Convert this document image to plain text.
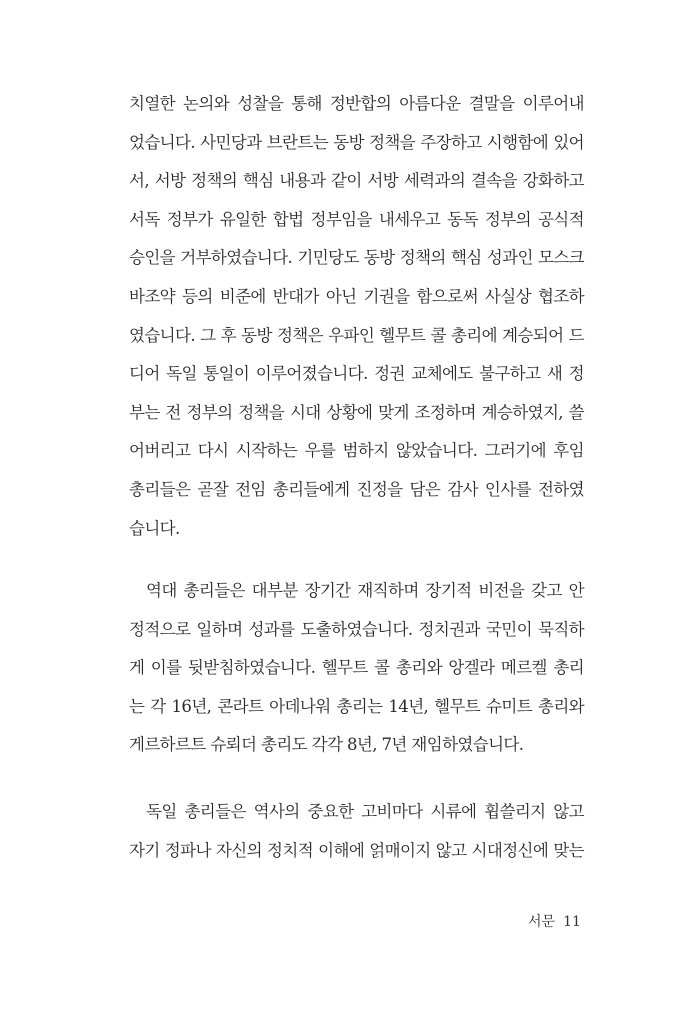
치열한 논의와 성찰을 통해 정반합의 아름다운 결말을 이루어내
었습니다. 사민당과 브란트는 동방 정책을 주장하고 시행함에 있어
서, 서방 정책의 핵심 내용과 같이 서방 세력과의 결속을 강화하고
서독 정부가 유일한 합법 정부임을 내세우고 동독 정부의 공식적
승인을 거부하였습니다. 기민당도 동방 정책의 핵심 성과인 모스크
바조약 등의 비준에 반대가 아닌 기권을 함으로써 사실상 협조하
였습니다. 그 후 동방 정책은 우파인 헬무트 콜 총리에 계승되어 드
디어 독일 통일이 이루어졌습니다. 정권 교체에도 불구하고 새 정
부는 전 정부의 정책을 시대 상황에 맞게 조정하며 계승하였지, 쓸
어버리고 다시 시작하는 우를 범하지 않았습니다. 그러기에 후임
총리들은 곧잘 전임 총리들에게 진정을 담은 감사 인사를 전하였
습니다.
역대 총리들은 대부분 장기간 재직하며 장기적 비전을 갖고 안
정적으로 일하며 성과를 도출하였습니다. 정치권과 국민이 묵직하
게 이를 뒷받침하였습니다. 헬무트 콜 총리와 앙겔라 메르켈 총리
는 각 16년, 콘라트 아데나워 총리는 14년, 헬무트 슈미트 총리와
게르하르트 슈뢰더 총리도 각각 8년, 7년 재임하였습니다.
독일 총리들은 역사의 중요한 고비마다 시류에 휩쓸리지 않고
자기 정파나 자신의 정치적 이해에 얽매이지 않고 시대정신에 맞는
서문 11
